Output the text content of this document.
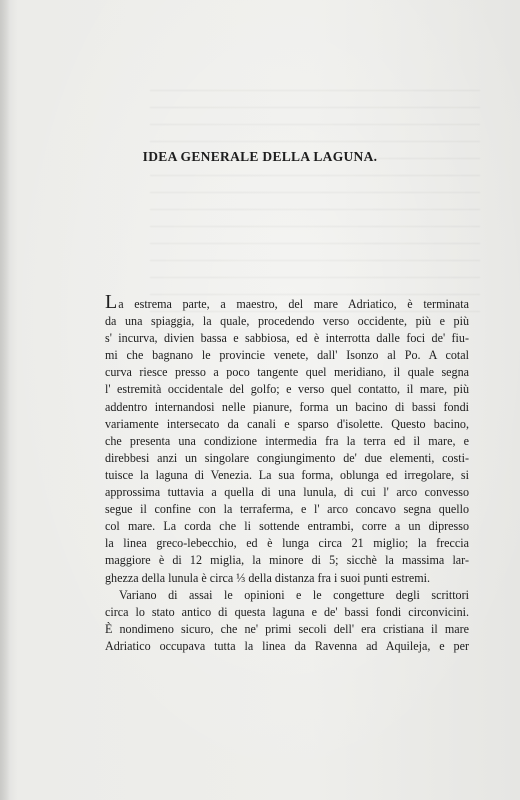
IDEA GENERALE DELLA LAGUNA.
La estrema parte, a maestro, del mare Adriatico, è terminata
da una spiaggia, la quale, procedendo verso occidente, più e più
s' incurva, divien bassa e sabbiosa, ed è interrotta dalle foci de' fiu-
mi che bagnano le provincie venete, dall' Isonzo al Po. A cotal
curva riesce presso a poco tangente quel meridiano, il quale segna
l' estremità occidentale del golfo; e verso quel contatto, il mare, più
addentro internandosi nelle pianure, forma un bacino di bassi fondi
variamente intersecato da canali e sparso d'isolette. Questo bacino,
che presenta una condizione intermedia fra la terra ed il mare, e
direbbesi anzi un singolare congiungimento de' due elementi, costi-
tuisce la laguna di Venezia. La sua forma, oblunga ed irregolare, si
approssima tuttavia a quella di una lunula, di cui l' arco convesso
segue il confine con la terraferma, e l' arco concavo segna quello
col mare. La corda che li sottende entrambi, corre a un dipresso
la linea greco-lebecchio, ed è lunga circa 21 miglio; la freccia
maggiore è di 12 miglia, la minore di 5; sicchè la massima lar-
ghezza della lunula è circa ⅓ della distanza fra i suoi punti estremi.
Variano di assai le opinioni e le congetture degli scrittori
circa lo stato antico di questa laguna e de' bassi fondi circonvicini.
È nondimeno sicuro, che ne' primi secoli dell' era cristiana il mare
Adriatico occupava tutta la linea da Ravenna ad Aquileja, e per
